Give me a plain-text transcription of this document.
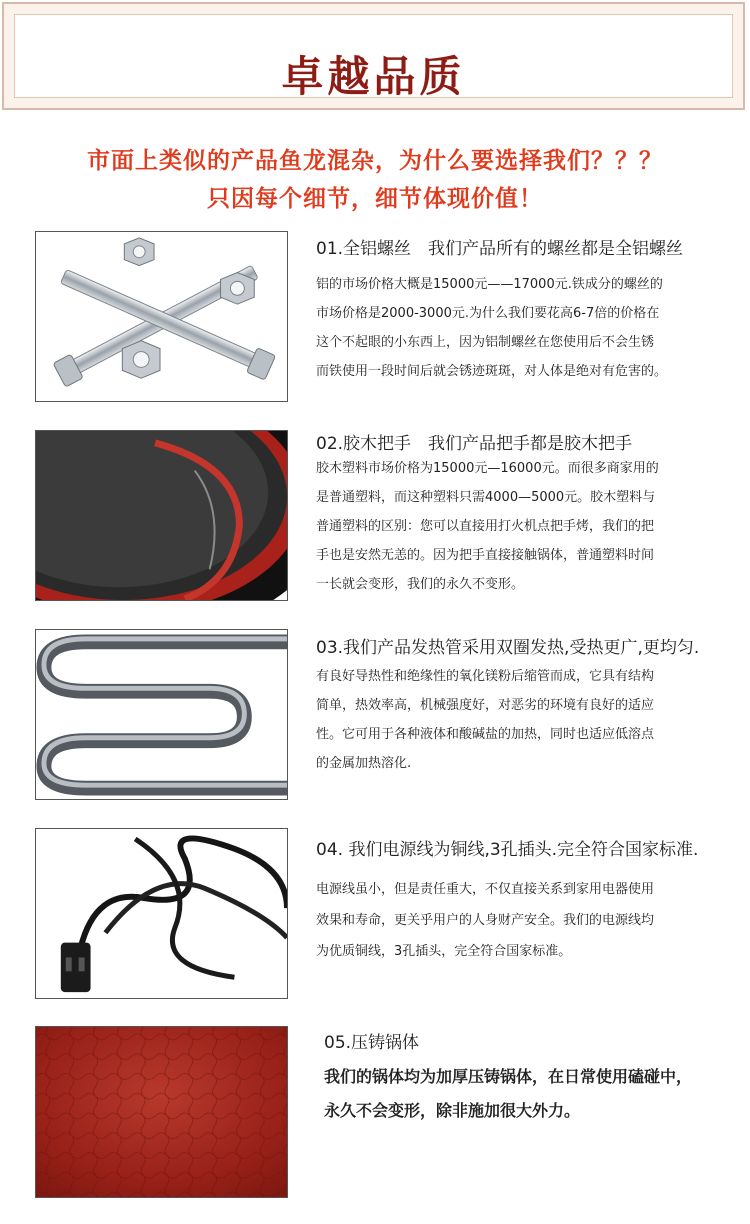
卓越品质
市面上类似的产品鱼龙混杂，为什么要选择我们？？？
只因每个细节，细节体现价值！
01.全铝螺丝　我们产品所有的螺丝都是全铝螺丝
铝的市场价格大概是15000元——17000元.铁成分的螺丝的
市场价格是2000-3000元.为什么我们要花高6-7倍的价格在
这个不起眼的小东西上，因为铝制螺丝在您使用后不会生锈
而铁使用一段时间后就会锈迹斑斑，对人体是绝对有危害的。
02.胶木把手　我们产品把手都是胶木把手
胶木塑料市场价格为15000元—16000元。而很多商家用的
是普通塑料，而这种塑料只需4000—5000元。胶木塑料与
普通塑料的区别：您可以直接用打火机点把手烤，我们的把
手也是安然无恙的。因为把手直接接触锅体，普通塑料时间
一长就会变形，我们的永久不变形。
03.我们产品发热管采用双圈发热,受热更广,更均匀.
有良好导热性和绝缘性的氧化镁粉后缩管而成，它具有结构
简单，热效率高，机械强度好，对恶劣的环境有良好的适应
性。它可用于各种液体和酸碱盐的加热，同时也适应低溶点
的金属加热溶化.
04. 我们电源线为铜线,3孔插头.完全符合国家标准.
电源线虽小，但是责任重大，不仅直接关系到家用电器使用
效果和寿命，更关乎用户的人身财产安全。我们的电源线均
为优质铜线，3孔插头，完全符合国家标准。
05.压铸锅体
我们的锅体均为加厚压铸锅体，在日常使用磕碰中，
永久不会变形，除非施加很大外力。
